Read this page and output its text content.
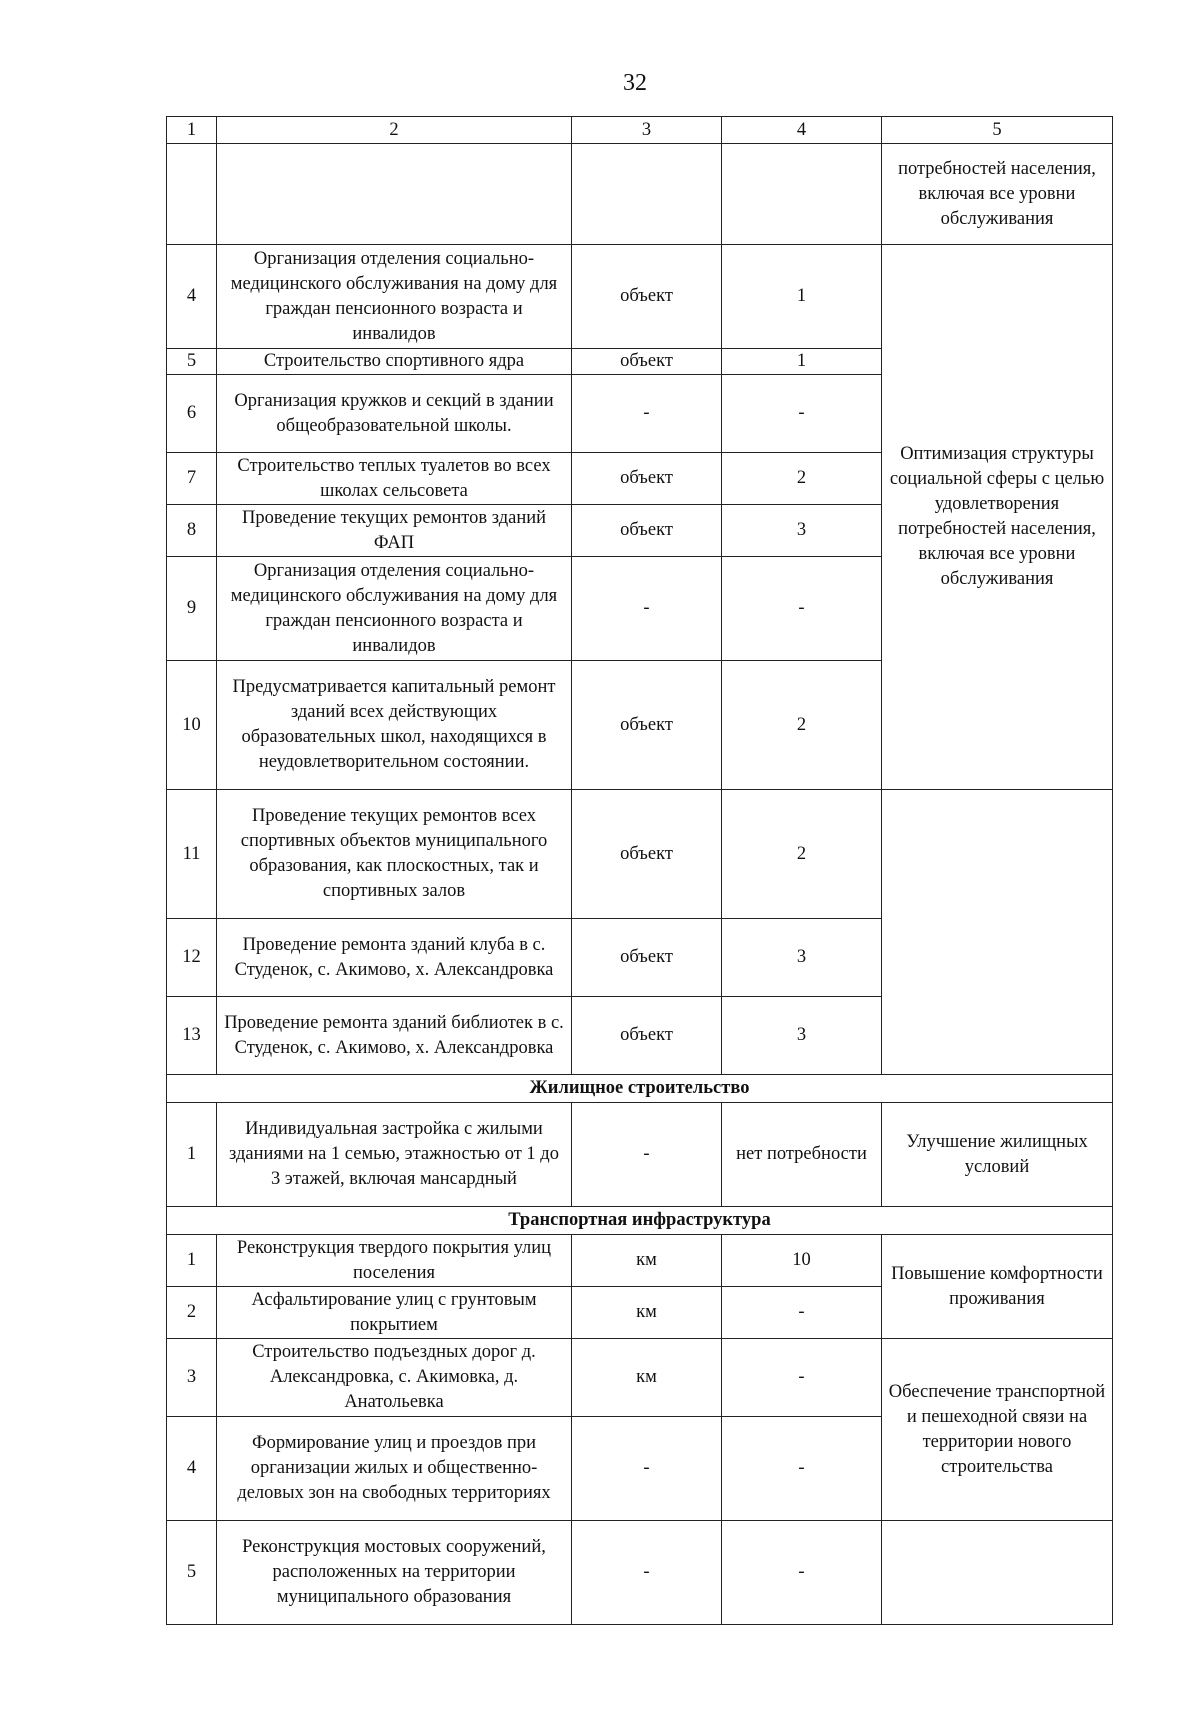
32
1	2	3	4	5
				потребностей населения, включая все уровни обслуживания
4	Организация отделения социально-медицинского обслуживания на дому для граждан пенсионного возраста и инвалидов	объект	1	Оптимизация структуры социальной сферы с целью удовлетворения потребностей населения, включая все уровни обслуживания
5	Строительство спортивного ядра	объект	1	
6	Организация кружков и секций в здании общеобразовательной школы.	-	-	
7	Строительство теплых туалетов во всех школах сельсовета	объект	2	
8	Проведение текущих ремонтов зданий ФАП	объект	3	
9	Организация отделения социально-медицинского обслуживания на дому для граждан пенсионного возраста и инвалидов	-	-	
10	Предусматривается капитальный ремонт зданий всех действующих образовательных школ, находящихся в неудовлетворительном состоянии.	объект	2	
11	Проведение текущих ремонтов всех спортивных объектов муниципального образования, как плоскостных, так и спортивных залов	объект	2	
12	Проведение ремонта зданий клуба в с. Студенок, с. Акимово, х. Александровка	объект	3	
13	Проведение ремонта зданий библиотек в с. Студенок, с. Акимово, х. Александровка	объект	3	
Жилищное строительство				
1	Индивидуальная застройка с жилыми зданиями на 1 семью, этажностью от 1 до 3 этажей, включая мансардный	-	нет потребности	Улучшение жилищных условий
Транспортная инфраструктура				
1	Реконструкция твердого покрытия улиц поселения	км	10	Повышение комфортности проживания
2	Асфальтирование улиц с грунтовым покрытием	км	-	
3	Строительство подъездных дорог д. Александровка, с. Акимовка, д. Анатольевка	км	-	Обеспечение транспортной и пешеходной связи на территории нового строительства
4	Формирование улиц и проездов при организации жилых и общественно-деловых зон на свободных территориях	-	-	
5	Реконструкция мостовых сооружений, расположенных на территории муниципального образования	-	-	
